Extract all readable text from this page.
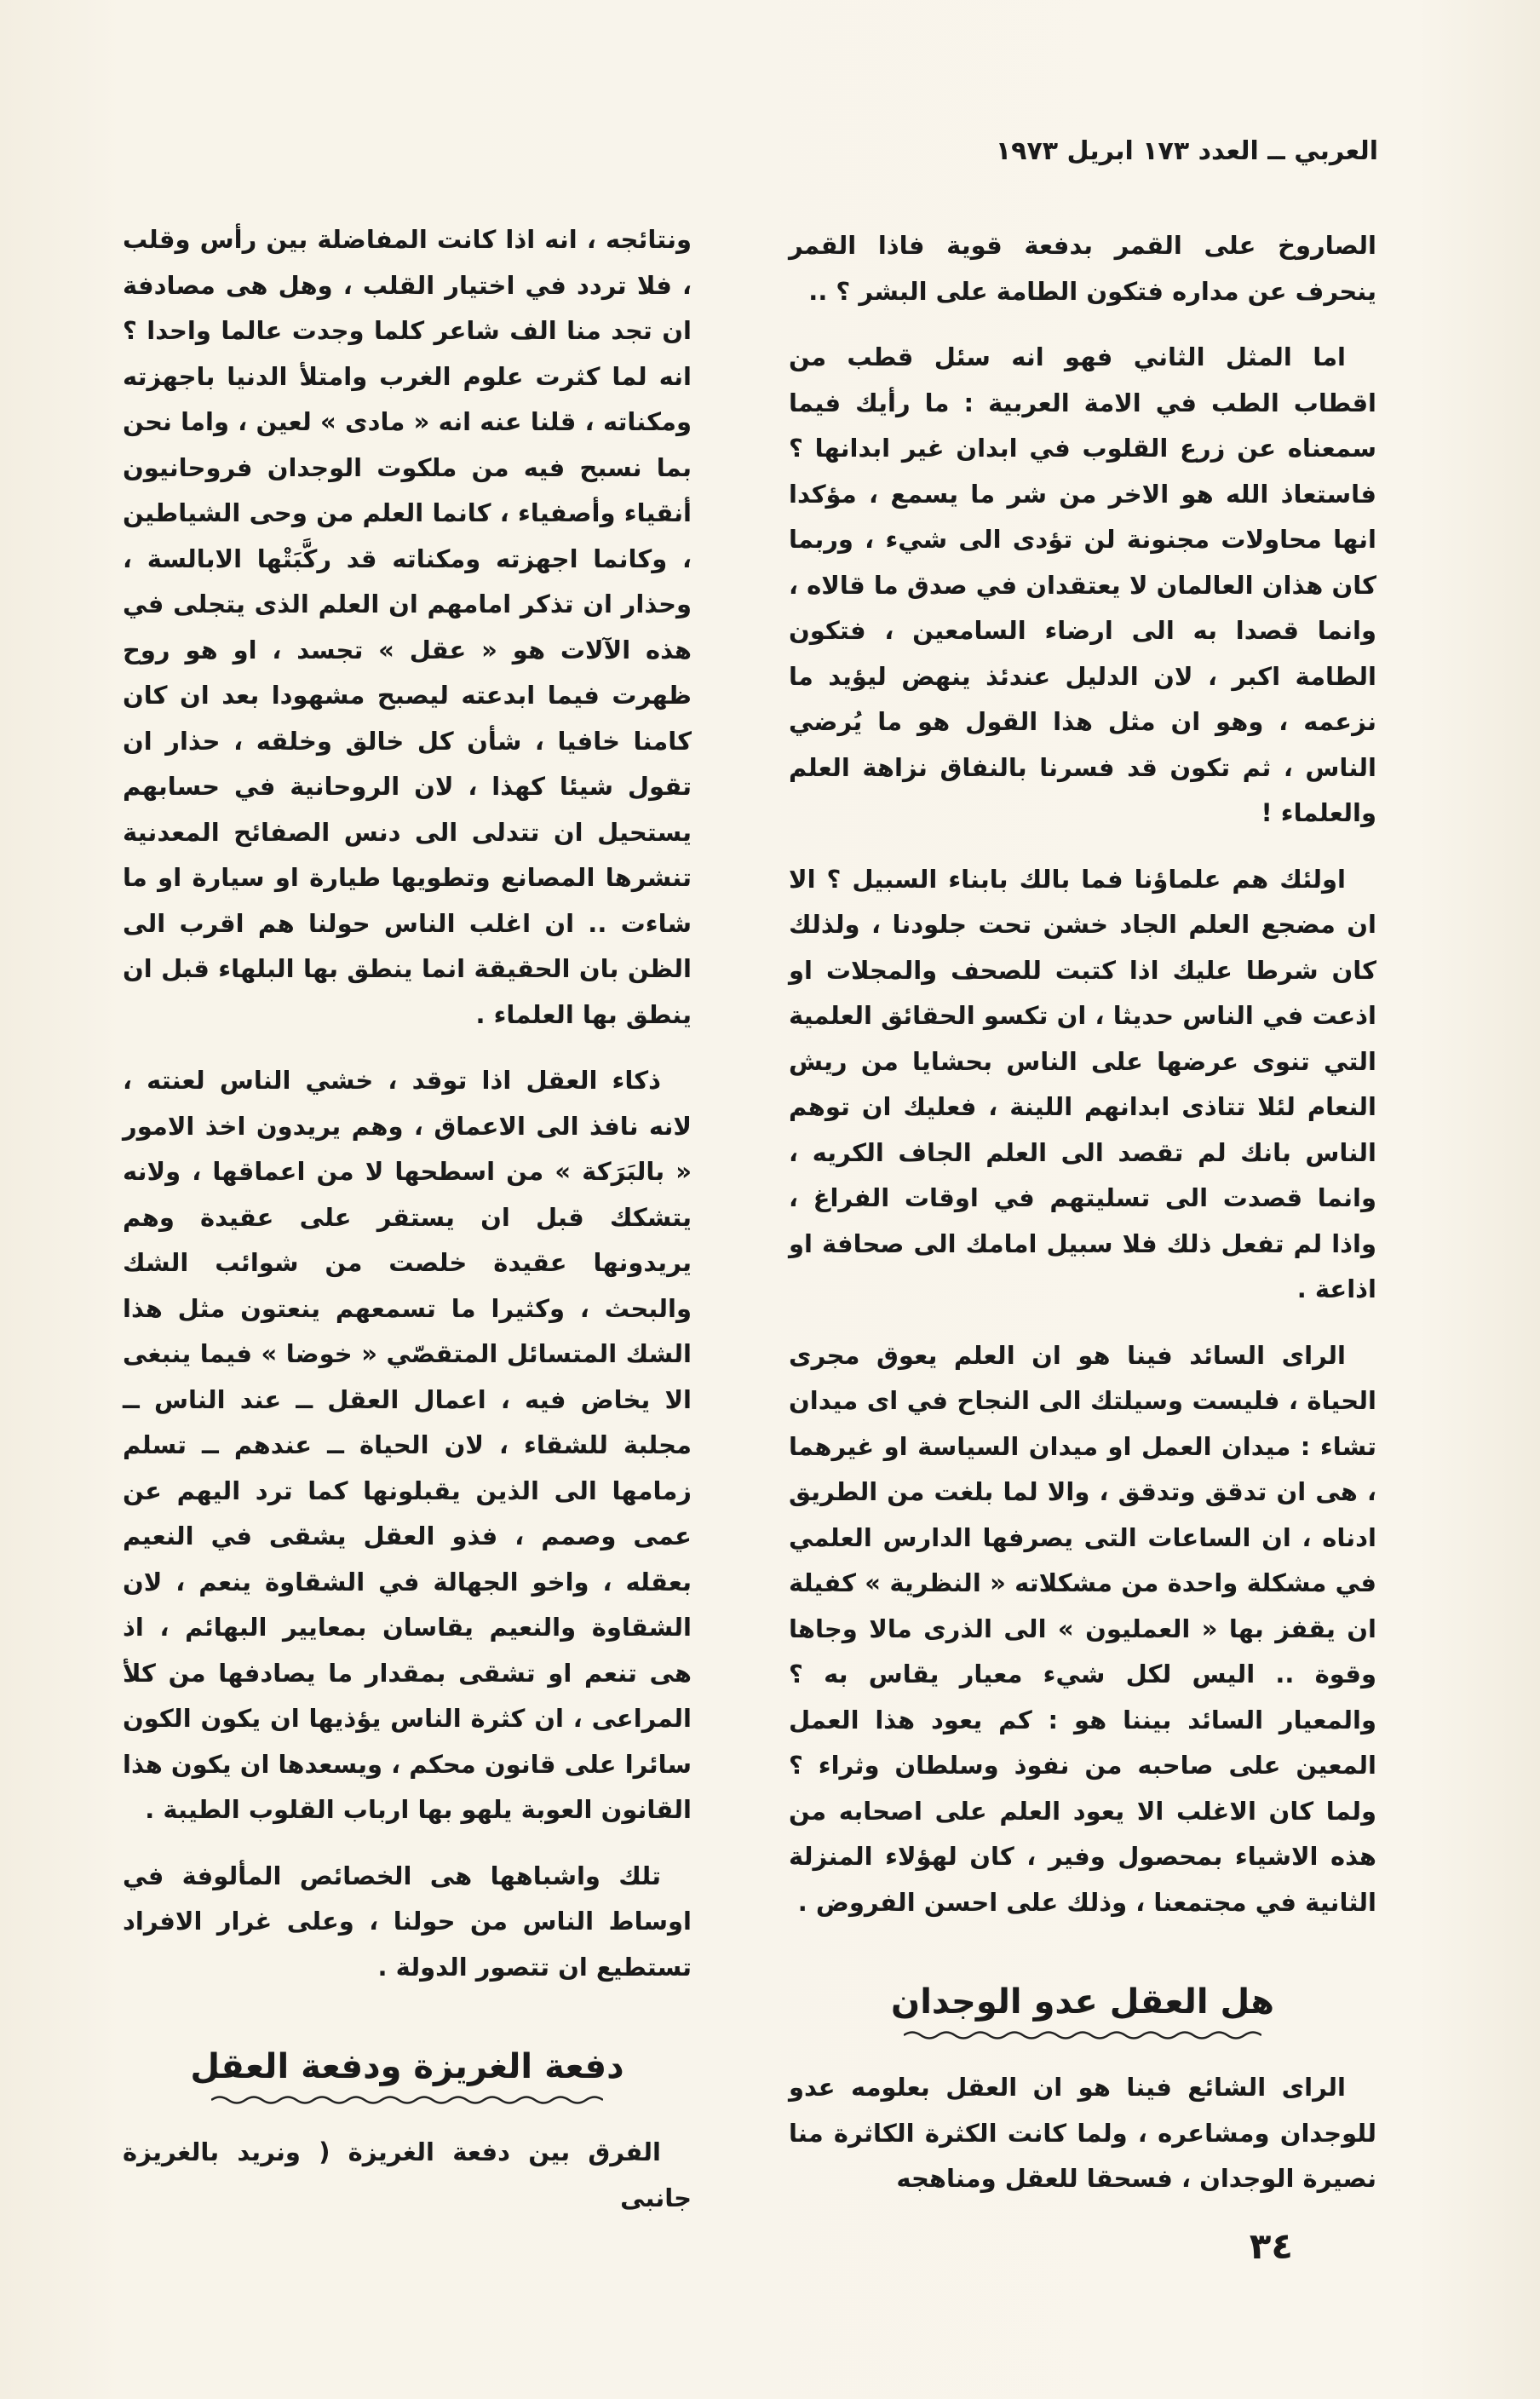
العربي ــ العدد ١٧٣ ابريل ١٩٧٣

الصاروخ على القمر بدفعة قوية فاذا القمر ينحرف عن مداره فتكون الطامة على البشر ؟ ..

اما المثل الثاني فهو انه سئل قطب من اقطاب الطب في الامة العربية : ما رأيك فيما سمعناه عن زرع القلوب في ابدان غير ابدانها ؟ فاستعاذ الله هو الاخر من شر ما يسمع ، مؤكدا انها محاولات مجنونة لن تؤدى الى شيء ، وربما كان هذان العالمان لا يعتقدان في صدق ما قالاه ، وانما قصدا به الى ارضاء السامعين ، فتكون الطامة اكبر ، لان الدليل عندئذ ينهض ليؤيد ما نزعمه ، وهو ان مثل هذا القول هو ما يُرضي الناس ، ثم تكون قد فسرنا بالنفاق نزاهة العلم والعلماء !

اولئك هم علماؤنا فما بالك بابناء السبيل ؟ الا ان مضجع العلم الجاد خشن تحت جلودنا ، ولذلك كان شرطا عليك اذا كتبت للصحف والمجلات او اذعت في الناس حديثا ، ان تكسو الحقائق العلمية التي تنوى عرضها على الناس بحشايا من ريش النعام لئلا تتاذى ابدانهم اللينة ، فعليك ان توهم الناس بانك لم تقصد الى العلم الجاف الكريه ، وانما قصدت الى تسليتهم في اوقات الفراغ ، واذا لم تفعل ذلك فلا سبيل امامك الى صحافة او اذاعة .

الراى السائد فينا هو ان العلم يعوق مجرى الحياة ، فليست وسيلتك الى النجاح في اى ميدان تشاء : ميدان العمل او ميدان السياسة او غيرهما ، هى ان تدقق وتدقق ، والا لما بلغت من الطريق ادناه ، ان الساعات التى يصرفها الدارس العلمي في مشكلة واحدة من مشكلاته « النظرية » كفيلة ان يقفز بها « العمليون » الى الذرى مالا وجاها وقوة .. اليس لكل شيء معيار يقاس به ؟ والمعيار السائد بيننا هو : كم يعود هذا العمل المعين على صاحبه من نفوذ وسلطان وثراء ؟ ولما كان الاغلب الا يعود العلم على اصحابه من هذه الاشياء بمحصول وفير ، كان لهؤلاء المنزلة الثانية في مجتمعنا ، وذلك على احسن الفروض .

هل العقل عدو الوجدان

الراى الشائع فينا هو ان العقل بعلومه عدو للوجدان ومشاعره ، ولما كانت الكثرة الكاثرة منا نصيرة الوجدان ، فسحقا للعقل ومناهجه

ونتائجه ، انه اذا كانت المفاضلة بين رأس وقلب ، فلا تردد في اختيار القلب ، وهل هى مصادفة ان تجد منا الف شاعر كلما وجدت عالما واحدا ؟ انه لما كثرت علوم الغرب وامتلأ الدنيا باجهزته ومكناته ، قلنا عنه انه « مادى » لعين ، واما نحن بما نسبح فيه من ملكوت الوجدان فروحانيون أنقياء وأصفياء ، كانما العلم من وحى الشياطين ، وكانما اجهزته ومكناته قد ركَّبَتْها الابالسة ، وحذار ان تذكر امامهم ان العلم الذى يتجلى في هذه الآلات هو « عقل » تجسد ، او هو روح ظهرت فيما ابدعته ليصبح مشهودا بعد ان كان كامنا خافيا ، شأن كل خالق وخلقه ، حذار ان تقول شيئا كهذا ، لان الروحانية في حسابهم يستحيل ان تتدلى الى دنس الصفائح المعدنية تنشرها المصانع وتطويها طيارة او سيارة او ما شاءت .. ان اغلب الناس حولنا هم اقرب الى الظن بان الحقيقة انما ينطق بها البلهاء قبل ان ينطق بها العلماء .

ذكاء العقل اذا توقد ، خشي الناس لعنته ، لانه نافذ الى الاعماق ، وهم يريدون اخذ الامور « بالبَرَكة » من اسطحها لا من اعماقها ، ولانه يتشكك قبل ان يستقر على عقيدة وهم يريدونها عقيدة خلصت من شوائب الشك والبحث ، وكثيرا ما تسمعهم ينعتون مثل هذا الشك المتسائل المتقصّي « خوضا » فيما ينبغى الا يخاض فيه ، اعمال العقل ــ عند الناس ــ مجلبة للشقاء ، لان الحياة ــ عندهم ــ تسلم زمامها الى الذين يقبلونها كما ترد اليهم عن عمى وصمم ، فذو العقل يشقى في النعيم بعقله ، واخو الجهالة في الشقاوة ينعم ، لان الشقاوة والنعيم يقاسان بمعايير البهائم ، اذ هى تنعم او تشقى بمقدار ما يصادفها من كلأ المراعى ، ان كثرة الناس يؤذيها ان يكون الكون سائرا على قانون محكم ، ويسعدها ان يكون هذا القانون العوبة يلهو بها ارباب القلوب الطيبة .

تلك واشباهها هى الخصائص المألوفة في اوساط الناس من حولنا ، وعلى غرار الافراد تستطيع ان تتصور الدولة .

دفعة الغريزة ودفعة العقل

الفرق بين دفعة الغريزة ( ونريد بالغريزة جانبى

٣٤
